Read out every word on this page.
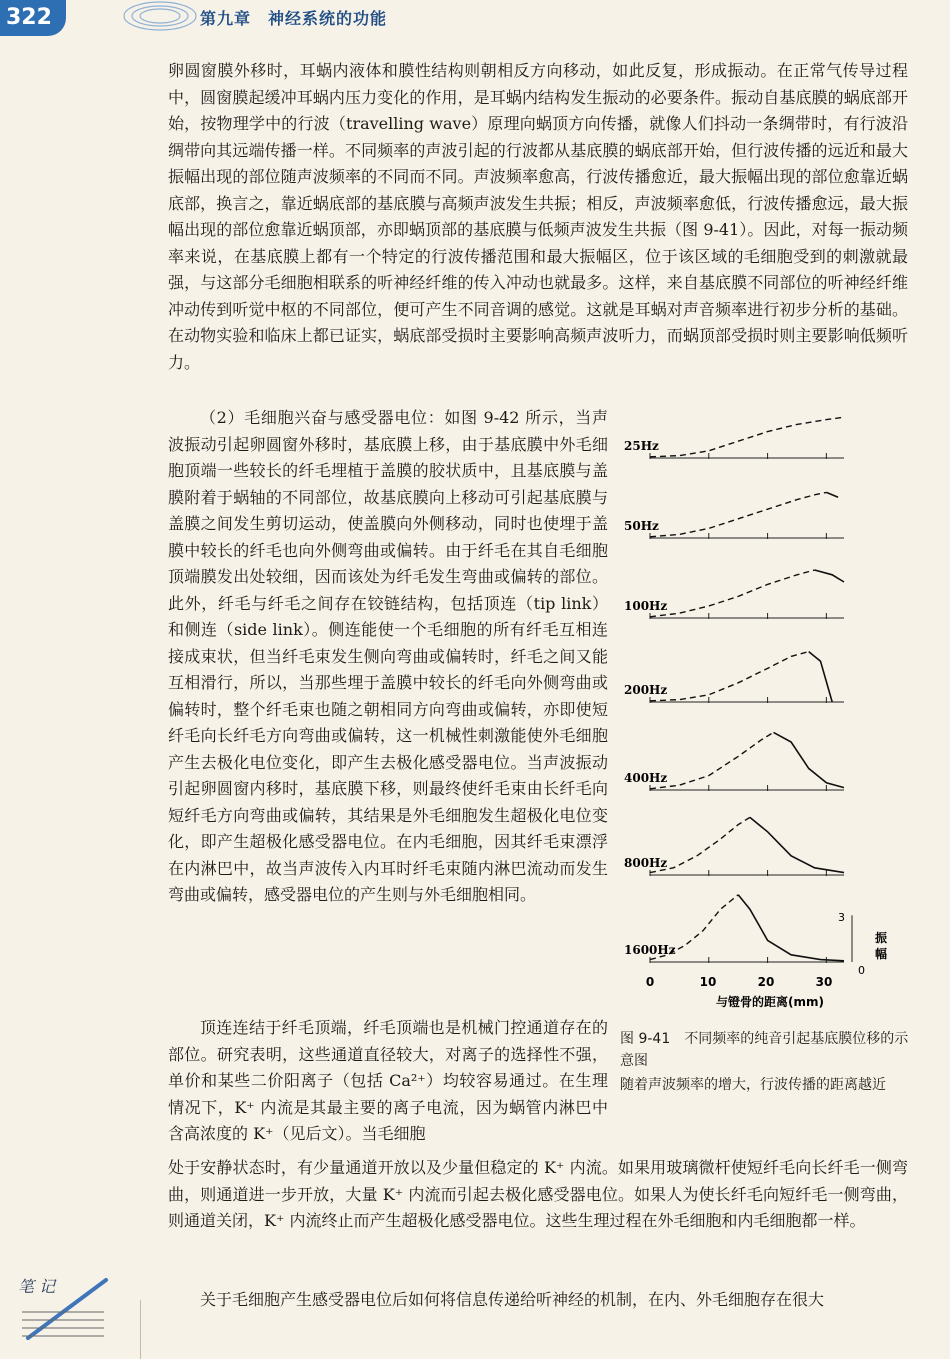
322	第九章　神经系统的功能

卵圆窗膜外移时，耳蜗内液体和膜性结构则朝相反方向移动，如此反复，形成振动。在正常气传导过程中，圆窗膜起缓冲耳蜗内压力变化的作用，是耳蜗内结构发生振动的必要条件。振动自基底膜的蜗底部开始，按物理学中的行波（travelling wave）原理向蜗顶方向传播，就像人们抖动一条绸带时，有行波沿绸带向其远端传播一样。不同频率的声波引起的行波都从基底膜的蜗底部开始，但行波传播的远近和最大振幅出现的部位随声波频率的不同而不同。声波频率愈高，行波传播愈近，最大振幅出现的部位愈靠近蜗底部，换言之，靠近蜗底部的基底膜与高频声波发生共振；相反，声波频率愈低，行波传播愈远，最大振幅出现的部位愈靠近蜗顶部，亦即蜗顶部的基底膜与低频声波发生共振（图 9-41）。因此，对每一振动频率来说，在基底膜上都有一个特定的行波传播范围和最大振幅区，位于该区域的毛细胞受到的刺激就最强，与这部分毛细胞相联系的听神经纤维的传入冲动也就最多。这样，来自基底膜不同部位的听神经纤维冲动传到听觉中枢的不同部位，便可产生不同音调的感觉。这就是耳蜗对声音频率进行初步分析的基础。在动物实验和临床上都已证实，蜗底部受损时主要影响高频声波听力，而蜗顶部受损时则主要影响低频听力。

（2）毛细胞兴奋与感受器电位：如图 9-42 所示，当声波振动引起卵圆窗外移时，基底膜上移，由于基底膜中外毛细胞顶端一些较长的纤毛埋植于盖膜的胶状质中，且基底膜与盖膜附着于蜗轴的不同部位，故基底膜向上移动可引起基底膜与盖膜之间发生剪切运动，使盖膜向外侧移动，同时也使埋于盖膜中较长的纤毛也向外侧弯曲或偏转。由于纤毛在其自毛细胞顶端膜发出处较细，因而该处为纤毛发生弯曲或偏转的部位。此外，纤毛与纤毛之间存在铰链结构，包括顶连（tip link）和侧连（side link）。侧连能使一个毛细胞的所有纤毛互相连接成束状，但当纤毛束发生侧向弯曲或偏转时，纤毛之间又能互相滑行，所以，当那些埋于盖膜中较长的纤毛向外侧弯曲或偏转时，整个纤毛束也随之朝相同方向弯曲或偏转，亦即使短纤毛向长纤毛方向弯曲或偏转，这一机械性刺激能使外毛细胞产生去极化电位变化，即产生去极化感受器电位。当声波振动引起卵圆窗内移时，基底膜下移，则最终使纤毛束由长纤毛向短纤毛方向弯曲或偏转，其结果是外毛细胞发生超极化电位变化，即产生超极化感受器电位。在内毛细胞，因其纤毛束漂浮在内淋巴中，故当声波传入内耳时纤毛束随内淋巴流动而发生弯曲或偏转，感受器电位的产生则与外毛细胞相同。

顶连连结于纤毛顶端，纤毛顶端也是机械门控通道存在的部位。研究表明，这些通道直径较大，对离子的选择性不强，单价和某些二价阳离子（包括 Ca²⁺）均较容易通过。在生理情况下，K⁺ 内流是其最主要的离子电流，因为蜗管内淋巴中含高浓度的 K⁺（见后文）。当毛细胞

处于安静状态时，有少量通道开放以及少量但稳定的 K⁺ 内流。如果用玻璃微杆使短纤毛向长纤毛一侧弯曲，则通道进一步开放，大量 K⁺ 内流而引起去极化感受器电位。如果人为使长纤毛向短纤毛一侧弯曲，则通道关闭，K⁺ 内流终止而产生超极化感受器电位。这些生理过程在外毛细胞和内毛细胞都一样。

关于毛细胞产生感受器电位后如何将信息传递给听神经的机制，在内、外毛细胞存在很大

25Hz
50Hz
100Hz
200Hz
400Hz
800Hz
1600Hz
3
0
振幅
0	10	20	30
与镫骨的距离(mm)
图 9-41　不同频率的纯音引起基底膜位移的示意图
随着声波频率的增大，行波传播的距离越近
笔 记
